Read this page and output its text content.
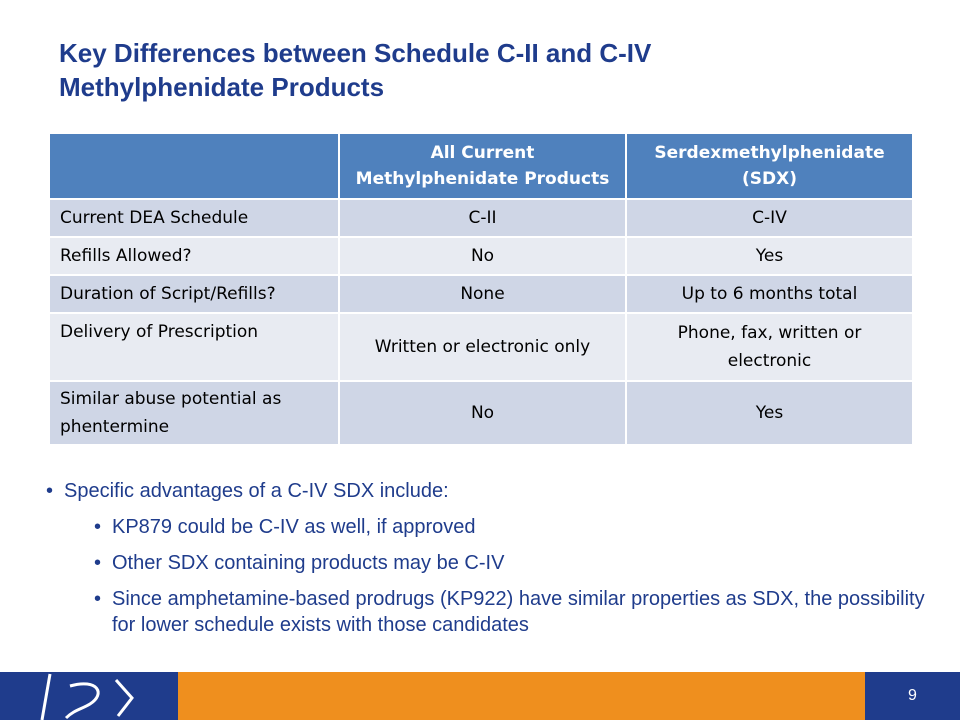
Key Differences between Schedule C-II and C-IV
Methylphenidate Products
	All Current Methylphenidate Products	Serdexmethylphenidate (SDX)
Current DEA Schedule	C-II	C-IV
Refills Allowed?	No	Yes
Duration of Script/Refills?	None	Up to 6 months total
Delivery of Prescription	Written or electronic only	Phone, fax, written or electronic
Similar abuse potential as phentermine	No	Yes
• Specific advantages of a C-IV SDX include:
• KP879 could be C-IV as well, if approved
• Other SDX containing products may be C-IV
• Since amphetamine-based prodrugs (KP922) have similar properties as SDX, the possibility for lower schedule exists with those candidates
9
